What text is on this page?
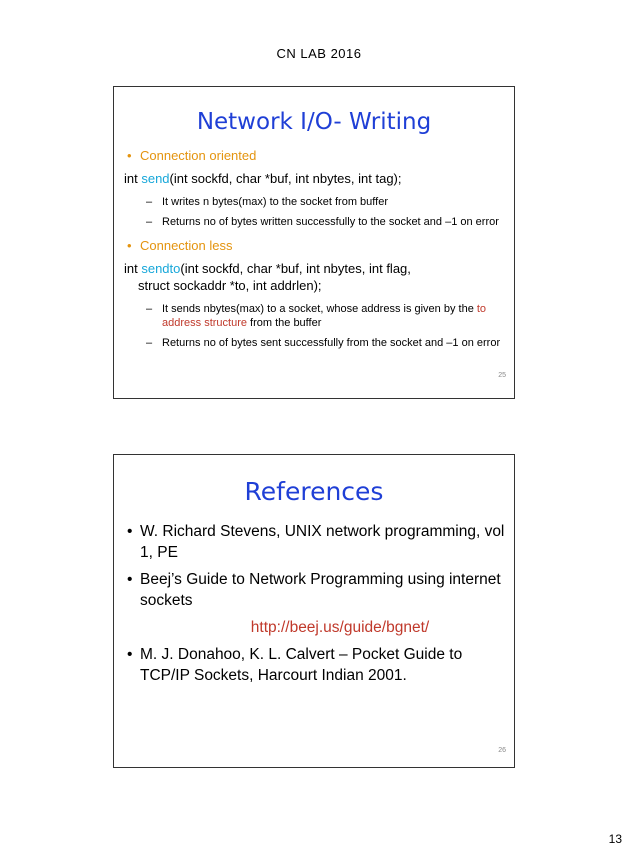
CN LAB 2016
Network I/O- Writing
• Connection oriented
int send(int sockfd, char *buf, int nbytes, int tag);
– It writes n bytes(max) to the socket from buffer
– Returns no of bytes written successfully to the socket and –1 on error
• Connection less
int sendto(int sockfd, char *buf, int nbytes, int flag,
struct sockaddr *to, int addrlen);
– It sends nbytes(max) to a socket, whose address is given by the to address structure from the buffer
– Returns no of bytes sent successfully from the socket and –1 on error
25
References
• W. Richard Stevens, UNIX network programming, vol 1, PE
• Beej’s Guide to Network Programming using internet sockets
http://beej.us/guide/bgnet/
• M. J. Donahoo, K. L. Calvert – Pocket Guide to TCP/IP Sockets, Harcourt Indian 2001.
26
13
